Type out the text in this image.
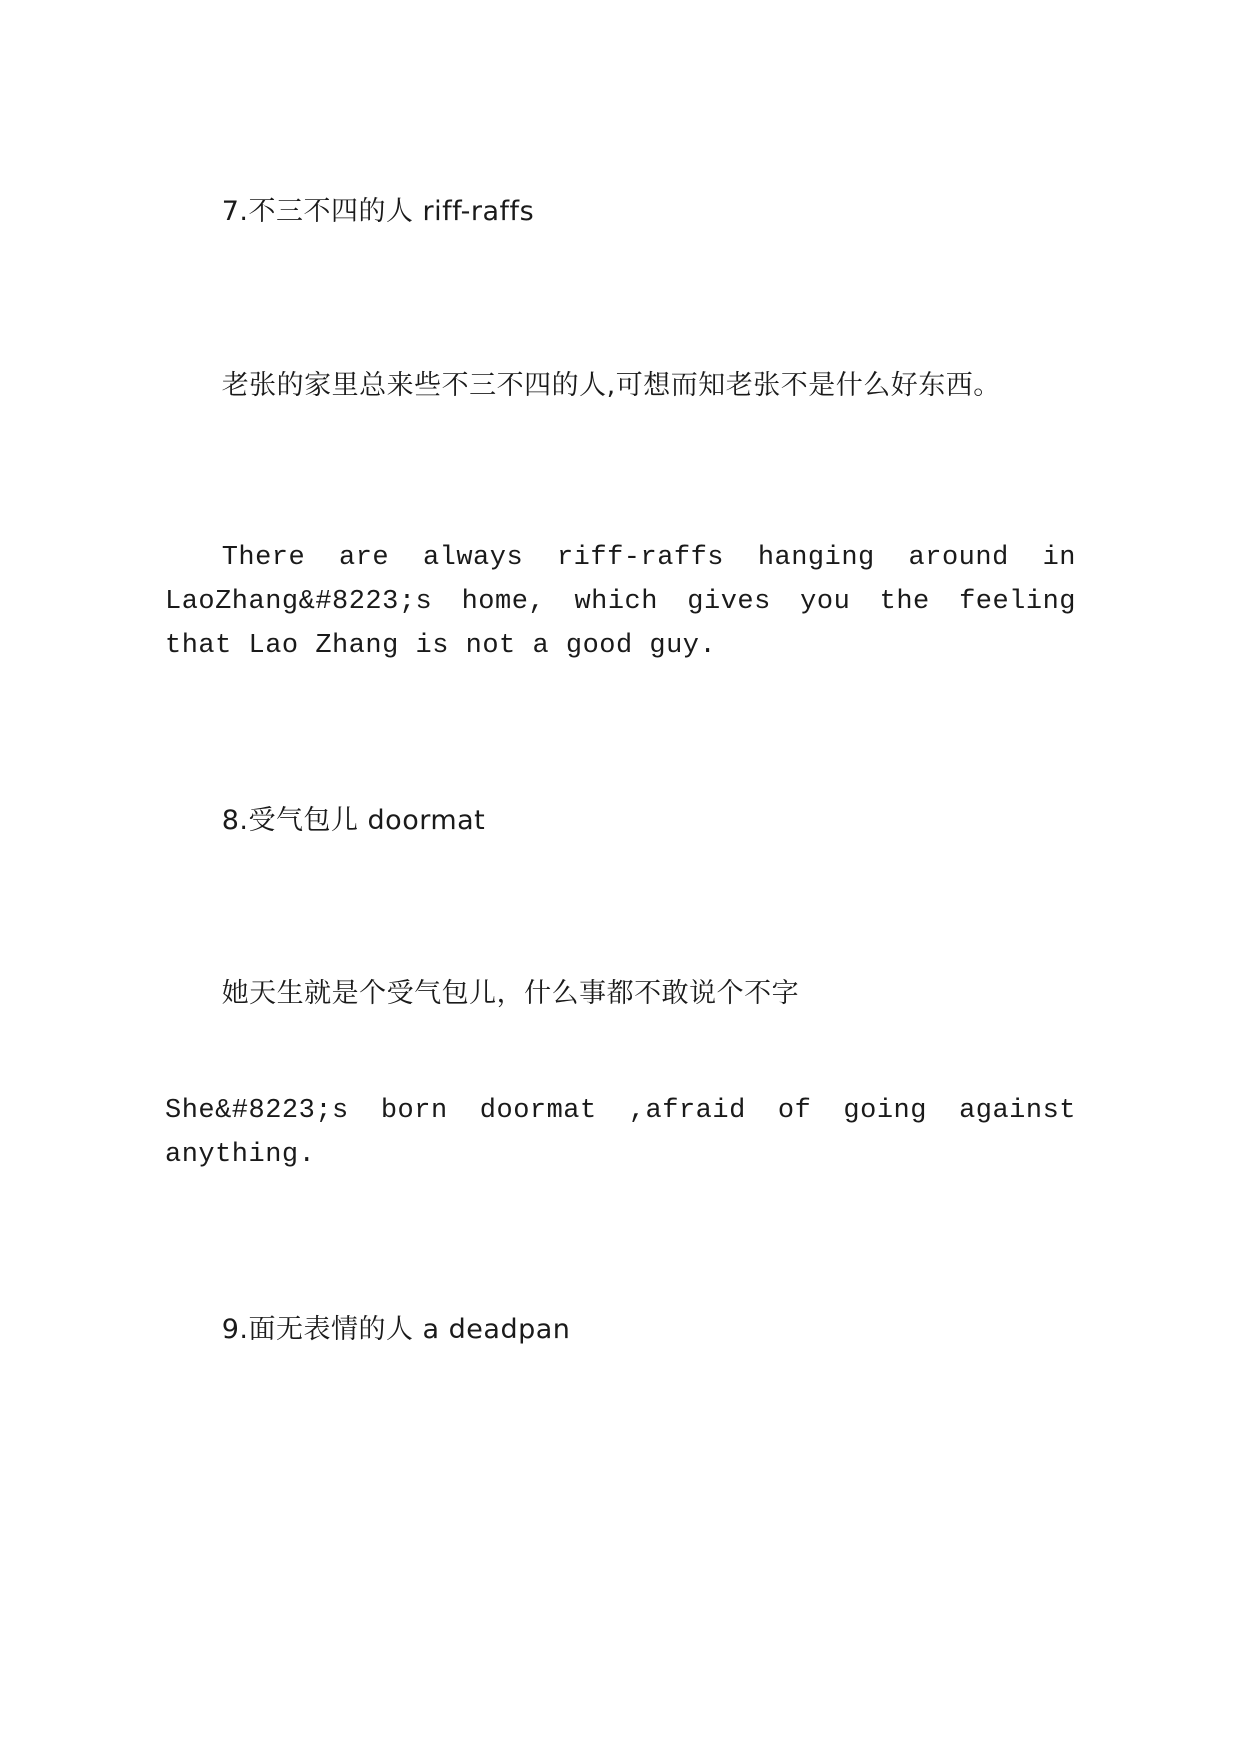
7.不三不四的人 riff-raffs

老张的家里总来些不三不四的人,可想而知老张不是什么好东西。

There are always riff-raffs hanging around in LaoZhang&#8223;s home, which gives you the feeling that Lao Zhang is not a good guy.

8.受气包儿 doormat

她天生就是个受气包儿，什么事都不敢说个不字

She&#8223;s born doormat ,afraid of going against anything.

9.面无表情的人 a deadpan
